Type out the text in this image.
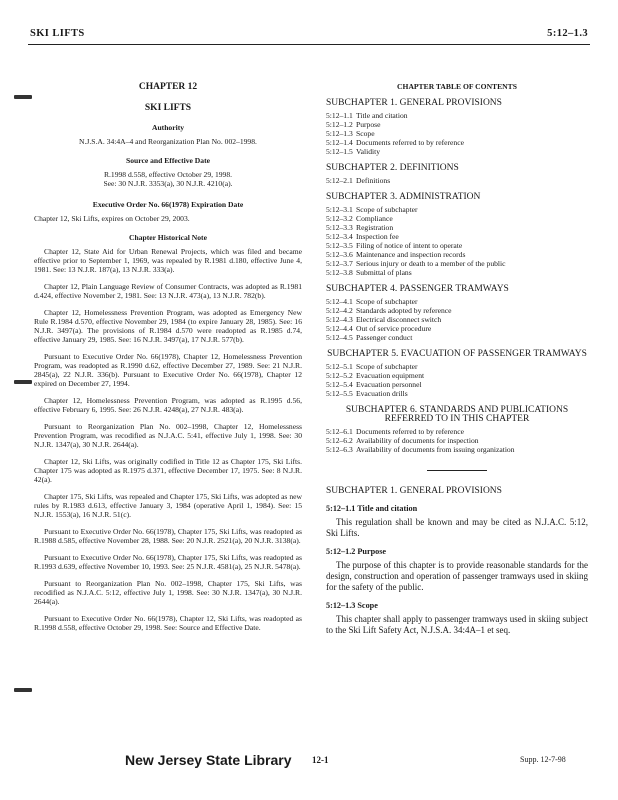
SKI LIFTS	5:12–1.3
CHAPTER 12
SKI LIFTS
Authority
N.J.S.A. 34:4A–4 and Reorganization Plan No. 002–1998.
Source and Effective Date
R.1998 d.558, effective October 29, 1998.
See: 30 N.J.R. 3353(a), 30 N.J.R. 4210(a).
Executive Order No. 66(1978) Expiration Date
Chapter 12, Ski Lifts, expires on October 29, 2003.
Chapter Historical Note

Chapter 12, State Aid for Urban Renewal Projects, which was filed and became effective prior to September 1, 1969, was repealed by R.1981 d.180, effective June 4, 1981. See: 13 N.J.R. 187(a), 13 N.J.R. 333(a).

Chapter 12, Plain Language Review of Consumer Contracts, was adopted as R.1981 d.424, effective November 2, 1981. See: 13 N.J.R. 473(a), 13 N.J.R. 782(b).

Chapter 12, Homelessness Prevention Program, was adopted as Emergency New Rule R.1984 d.570, effective November 29, 1984 (to expire January 28, 1985). See: 16 N.J.R. 3497(a). The provisions of R.1984 d.570 were readopted as R.1985 d.74, effective January 29, 1985. See: 16 N.J.R. 3497(a), 17 N.J.R. 577(b).

Pursuant to Executive Order No. 66(1978), Chapter 12, Homelessness Prevention Program, was readopted as R.1990 d.62, effective December 27, 1989. See: 21 N.J.R. 2845(a), 22 N.J.R. 336(b). Pursuant to Executive Order No. 66(1978), Chapter 12 expired on December 27, 1994.

Chapter 12, Homelessness Prevention Program, was adopted as R.1995 d.56, effective February 6, 1995. See: 26 N.J.R. 4248(a), 27 N.J.R. 483(a).

Pursuant to Reorganization Plan No. 002–1998, Chapter 12, Homelessness Prevention Program, was recodified as N.J.A.C. 5:41, effective July 1, 1998. See: 30 N.J.R. 1347(a), 30 N.J.R. 2644(a).

Chapter 12, Ski Lifts, was originally codified in Title 12 as Chapter 175, Ski Lifts. Chapter 175 was adopted as R.1975 d.371, effective December 17, 1975. See: 8 N.J.R. 42(a).

Chapter 175, Ski Lifts, was repealed and Chapter 175, Ski Lifts, was adopted as new rules by R.1983 d.613, effective January 3, 1984 (operative April 1, 1984). See: 15 N.J.R. 1553(a), 16 N.J.R. 51(c).

Pursuant to Executive Order No. 66(1978), Chapter 175, Ski Lifts, was readopted as R.1988 d.585, effective November 28, 1988. See: 20 N.J.R. 2521(a), 20 N.J.R. 3138(a).

Pursuant to Executive Order No. 66(1978), Chapter 175, Ski Lifts, was readopted as R.1993 d.639, effective November 10, 1993. See: 25 N.J.R. 4581(a), 25 N.J.R. 5478(a).

Pursuant to Reorganization Plan No. 002–1998, Chapter 175, Ski Lifts, was recodified as N.J.A.C. 5:12, effective July 1, 1998. See: 30 N.J.R. 1347(a), 30 N.J.R. 2644(a).

Pursuant to Executive Order No. 66(1978), Chapter 12, Ski Lifts, was readopted as R.1998 d.558, effective October 29, 1998. See: Source and Effective Date.

CHAPTER TABLE OF CONTENTS
SUBCHAPTER 1. GENERAL PROVISIONS
5:12–1.1 Title and citation
5:12–1.2 Purpose
5:12–1.3 Scope
5:12–1.4 Documents referred to by reference
5:12–1.5 Validity
SUBCHAPTER 2. DEFINITIONS
5:12–2.1 Definitions
SUBCHAPTER 3. ADMINISTRATION
5:12–3.1 Scope of subchapter
5:12–3.2 Compliance
5:12–3.3 Registration
5:12–3.4 Inspection fee
5:12–3.5 Filing of notice of intent to operate
5:12–3.6 Maintenance and inspection records
5:12–3.7 Serious injury or death to a member of the public
5:12–3.8 Submittal of plans
SUBCHAPTER 4. PASSENGER TRAMWAYS
5:12–4.1 Scope of subchapter
5:12–4.2 Standards adopted by reference
5:12–4.3 Electrical disconnect switch
5:12–4.4 Out of service procedure
5:12–4.5 Passenger conduct
SUBCHAPTER 5. EVACUATION OF PASSENGER TRAMWAYS
5:12–5.1 Scope of subchapter
5:12–5.2 Evacuation equipment
5:12–5.4 Evacuation personnel
5:12–5.5 Evacuation drills
SUBCHAPTER 6. STANDARDS AND PUBLICATIONS REFERRED TO IN THIS CHAPTER
5:12–6.1 Documents referred to by reference
5:12–6.2 Availability of documents for inspection
5:12–6.3 Availability of documents from issuing organization
SUBCHAPTER 1. GENERAL PROVISIONS
5:12–1.1 Title and citation

This regulation shall be known and may be cited as N.J.A.C. 5:12, Ski Lifts.

5:12–1.2 Purpose

The purpose of this chapter is to provide reasonable standards for the design, construction and operation of passenger tramways used in skiing for the safety of the public.

5:12–1.3 Scope

This chapter shall apply to passenger tramways used in skiing subject to the Ski Lift Safety Act, N.J.S.A. 34:4A–1 et seq.

New Jersey State Library 12-1	Supp. 12-7-98
